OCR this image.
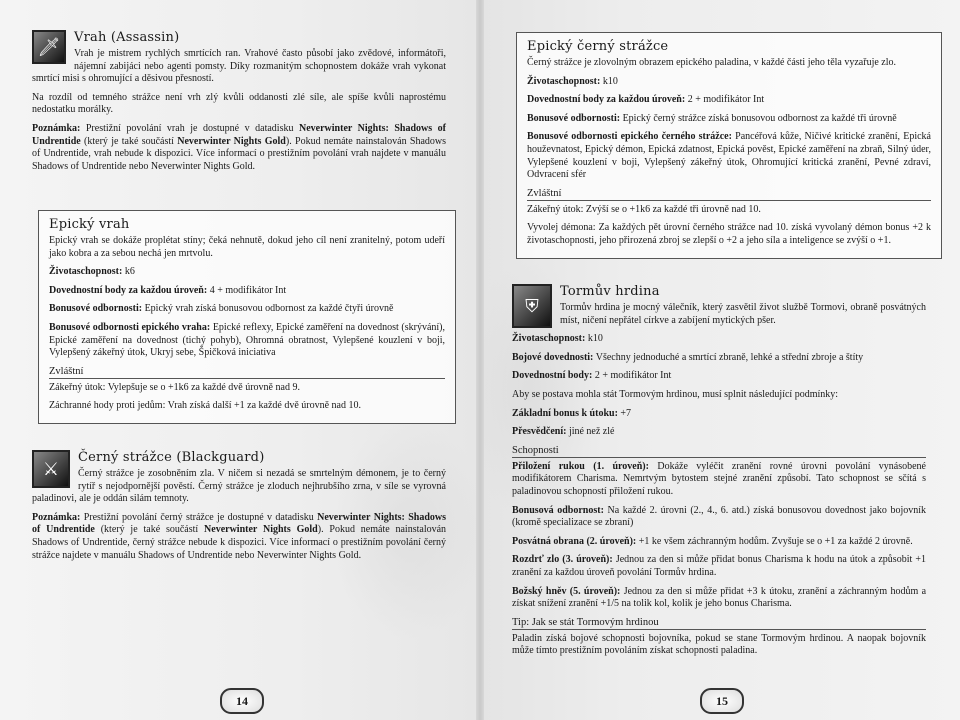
🗡	Vrah (Assassin)

Vrah je mistrem rychlých smrtících ran. Vrahové často působí jako zvědové, informátoři, nájemní zabijáci nebo agenti pomsty. Díky rozmanitým schopnostem dokáže vrah vykonat smrtící misi s ohromující a děsivou přesností.

Na rozdíl od temného strážce není vrh zlý kvůli oddanosti zlé síle, ale spíše kvůli naprostému nedostatku morálky.

Poznámka: Prestižní povolání vrah je dostupné v datadisku Neverwinter Nights: Shadows of Undrentide (který je také součástí Neverwinter Nights Gold). Pokud nemáte nainstalován Shadows of Undrentide, vrah nebude k dispozici. Více informací o prestižním povolání vrah najdete v manuálu Shadows of Undrentide nebo Neverwinter Nights Gold.

Epický vrah

Epický vrah se dokáže proplétat stíny; čeká nehnutě, dokud jeho cíl není zranitelný, potom udeří jako kobra a za sebou nechá jen mrtvolu.

Životaschopnost: k6

Dovednostní body za každou úroveň: 4 + modifikátor Int

Bonusové odbornosti: Epický vrah získá bonusovou odbornost za každé čtyři úrovně

Bonusové odbornosti epického vraha: Epické reflexy, Epické zaměření na dovednost (skrývání), Epické zaměření na dovednost (tichý pohyb), Ohromná obratnost, Vylepšené kouzlení v boji, Vylepšený zákeřný útok, Ukryj sebe, Špičková iniciativa

Zvláštní

Zákeřný útok: Vylepšuje se o +1k6 za každé dvě úrovně nad 9.

Záchranné hody proti jedům: Vrah získá další +1 za každé dvě úrovně nad 10.

⚔
Černý strážce (Blackguard)

Černý strážce je zosobněním zla. V ničem si nezadá se smrtelným démonem, je to černý rytíř s nejodpornější pověstí. Černý strážce je zloduch nejhrubšího zrna, v síle se vyrovná paladinovi, ale je oddán silám temnoty.

Poznámka: Prestižní povolání černý strážce je dostupné v datadisku Neverwinter Nights: Shadows of Undrentide (který je také součástí Neverwinter Nights Gold). Pokud nemáte nainstalován Shadows of Undrentide, černý strážce nebude k dispozici. Více informací o prestižním povolání černý strážce najdete v manuálu Shadows of Undrentide nebo Neverwinter Nights Gold.

14
Epický černý strážce

Černý strážce je zlovolným obrazem epického paladina, v každé části jeho těla vyzařuje zlo.

Životaschopnost: k10

Dovednostní body za každou úroveň: 2 + modifikátor Int

Bonusové odbornosti: Epický černý strážce získá bonusovou odbornost za každé tři úrovně

Bonusové odbornosti epického černého strážce: Pancéřová kůže, Ničivé kritické zranění, Epická houževnatost, Epický démon, Epická zdatnost, Epická pověst, Epické zaměření na zbraň, Silný úder, Vylepšené kouzlení v boji, Vylepšený zákeřný útok, Ohromující kritická zranění, Pevné zdraví, Odvracení sfér

Zvláštní

Zákeřný útok: Zvýší se o +1k6 za každé tři úrovně nad 10.

Vyvolej démona: Za každých pět úrovní černého strážce nad 10. získá vyvolaný démon bonus +2 k životaschopnosti, jeho přirozená zbroj se zlepší o +2 a jeho síla a inteligence se zvýší o +1.

⛨
Tormův hrdina

Tormův hrdina je mocný válečník, který zasvětil život službě Tormovi, obraně posvátných míst, ničení nepřátel církve a zabíjení mytických pšer.

Životaschopnost: k10

Bojové dovednosti: Všechny jednoduché a smrtící zbraně, lehké a střední zbroje a štíty

Dovednostní body: 2 + modifikátor Int

Aby se postava mohla stát Tormovým hrdinou, musí splnit následující podmínky:

Základní bonus k útoku: +7

Přesvědčení: jiné než zlé

Schopnosti

Přiložení rukou (1. úroveň): Dokáže vyléčit zranění rovné úrovni povolání vynásobené modifikátorem Charisma. Nemrtvým bytostem stejné zranění způsobí. Tato schopnost se sčítá s paladinovou schopností přiložení rukou.

Bonusová odbornost: Na každé 2. úrovni (2., 4., 6. atd.) získá bonusovou dovednost jako bojovník (kromě specializace se zbraní)

Posvátná obrana (2. úroveň): +1 ke všem záchranným hodům. Zvyšuje se o +1 za každé 2 úrovně.

Rozdrť zlo (3. úroveň): Jednou za den si může přidat bonus Charisma k hodu na útok a způsobit +1 zranění za každou úroveň povolání Tormův hrdina.

Božský hněv (5. úroveň): Jednou za den si může přidat +3 k útoku, zranění a záchranným hodům a získat snížení zranění +1/5 na tolik kol, kolik je jeho bonus Charisma.

Tip: Jak se stát Tormovým hrdinou

Paladin získá bojové schopnosti bojovníka, pokud se stane Tormovým hrdinou. A naopak bojovník může tímto prestižním povoláním získat schopnosti paladina.

15
